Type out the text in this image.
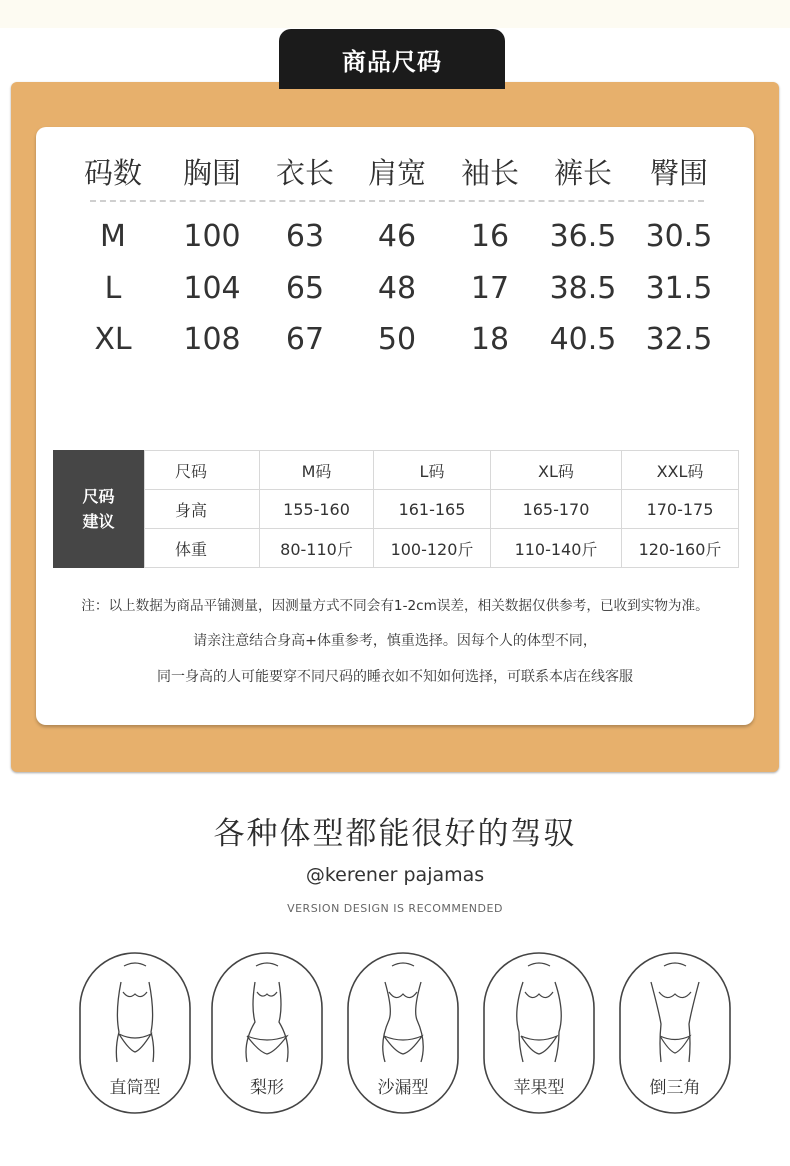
商品尺码
码数	胸围	衣长	肩宽	袖长	裤长	臀围
M	100	63	46	16	36.5 30.5
L	104	65	48	17	38.5 31.5
XL	108	67	50	18	40.5 32.5
尺码
建议
尺码	M码	L码	XL码	XXL码
身高	155-160	161-165	165-170	170-175
体重	80-110斤	100-120斤	110-140斤	120-160斤
注：以上数据为商品平铺测量，因测量方式不同会有1-2cm误差，相关数据仅供参考，已收到实物为准。
请亲注意结合身高+体重参考，慎重选择。因每个人的体型不同，
同一身高的人可能要穿不同尺码的睡衣如不知如何选择，可联系本店在线客服
各种体型都能很好的驾驭
@kerener pajamas
VERSION DESIGN IS RECOMMENDED
直筒型	梨形	沙漏型	苹果型	倒三角
